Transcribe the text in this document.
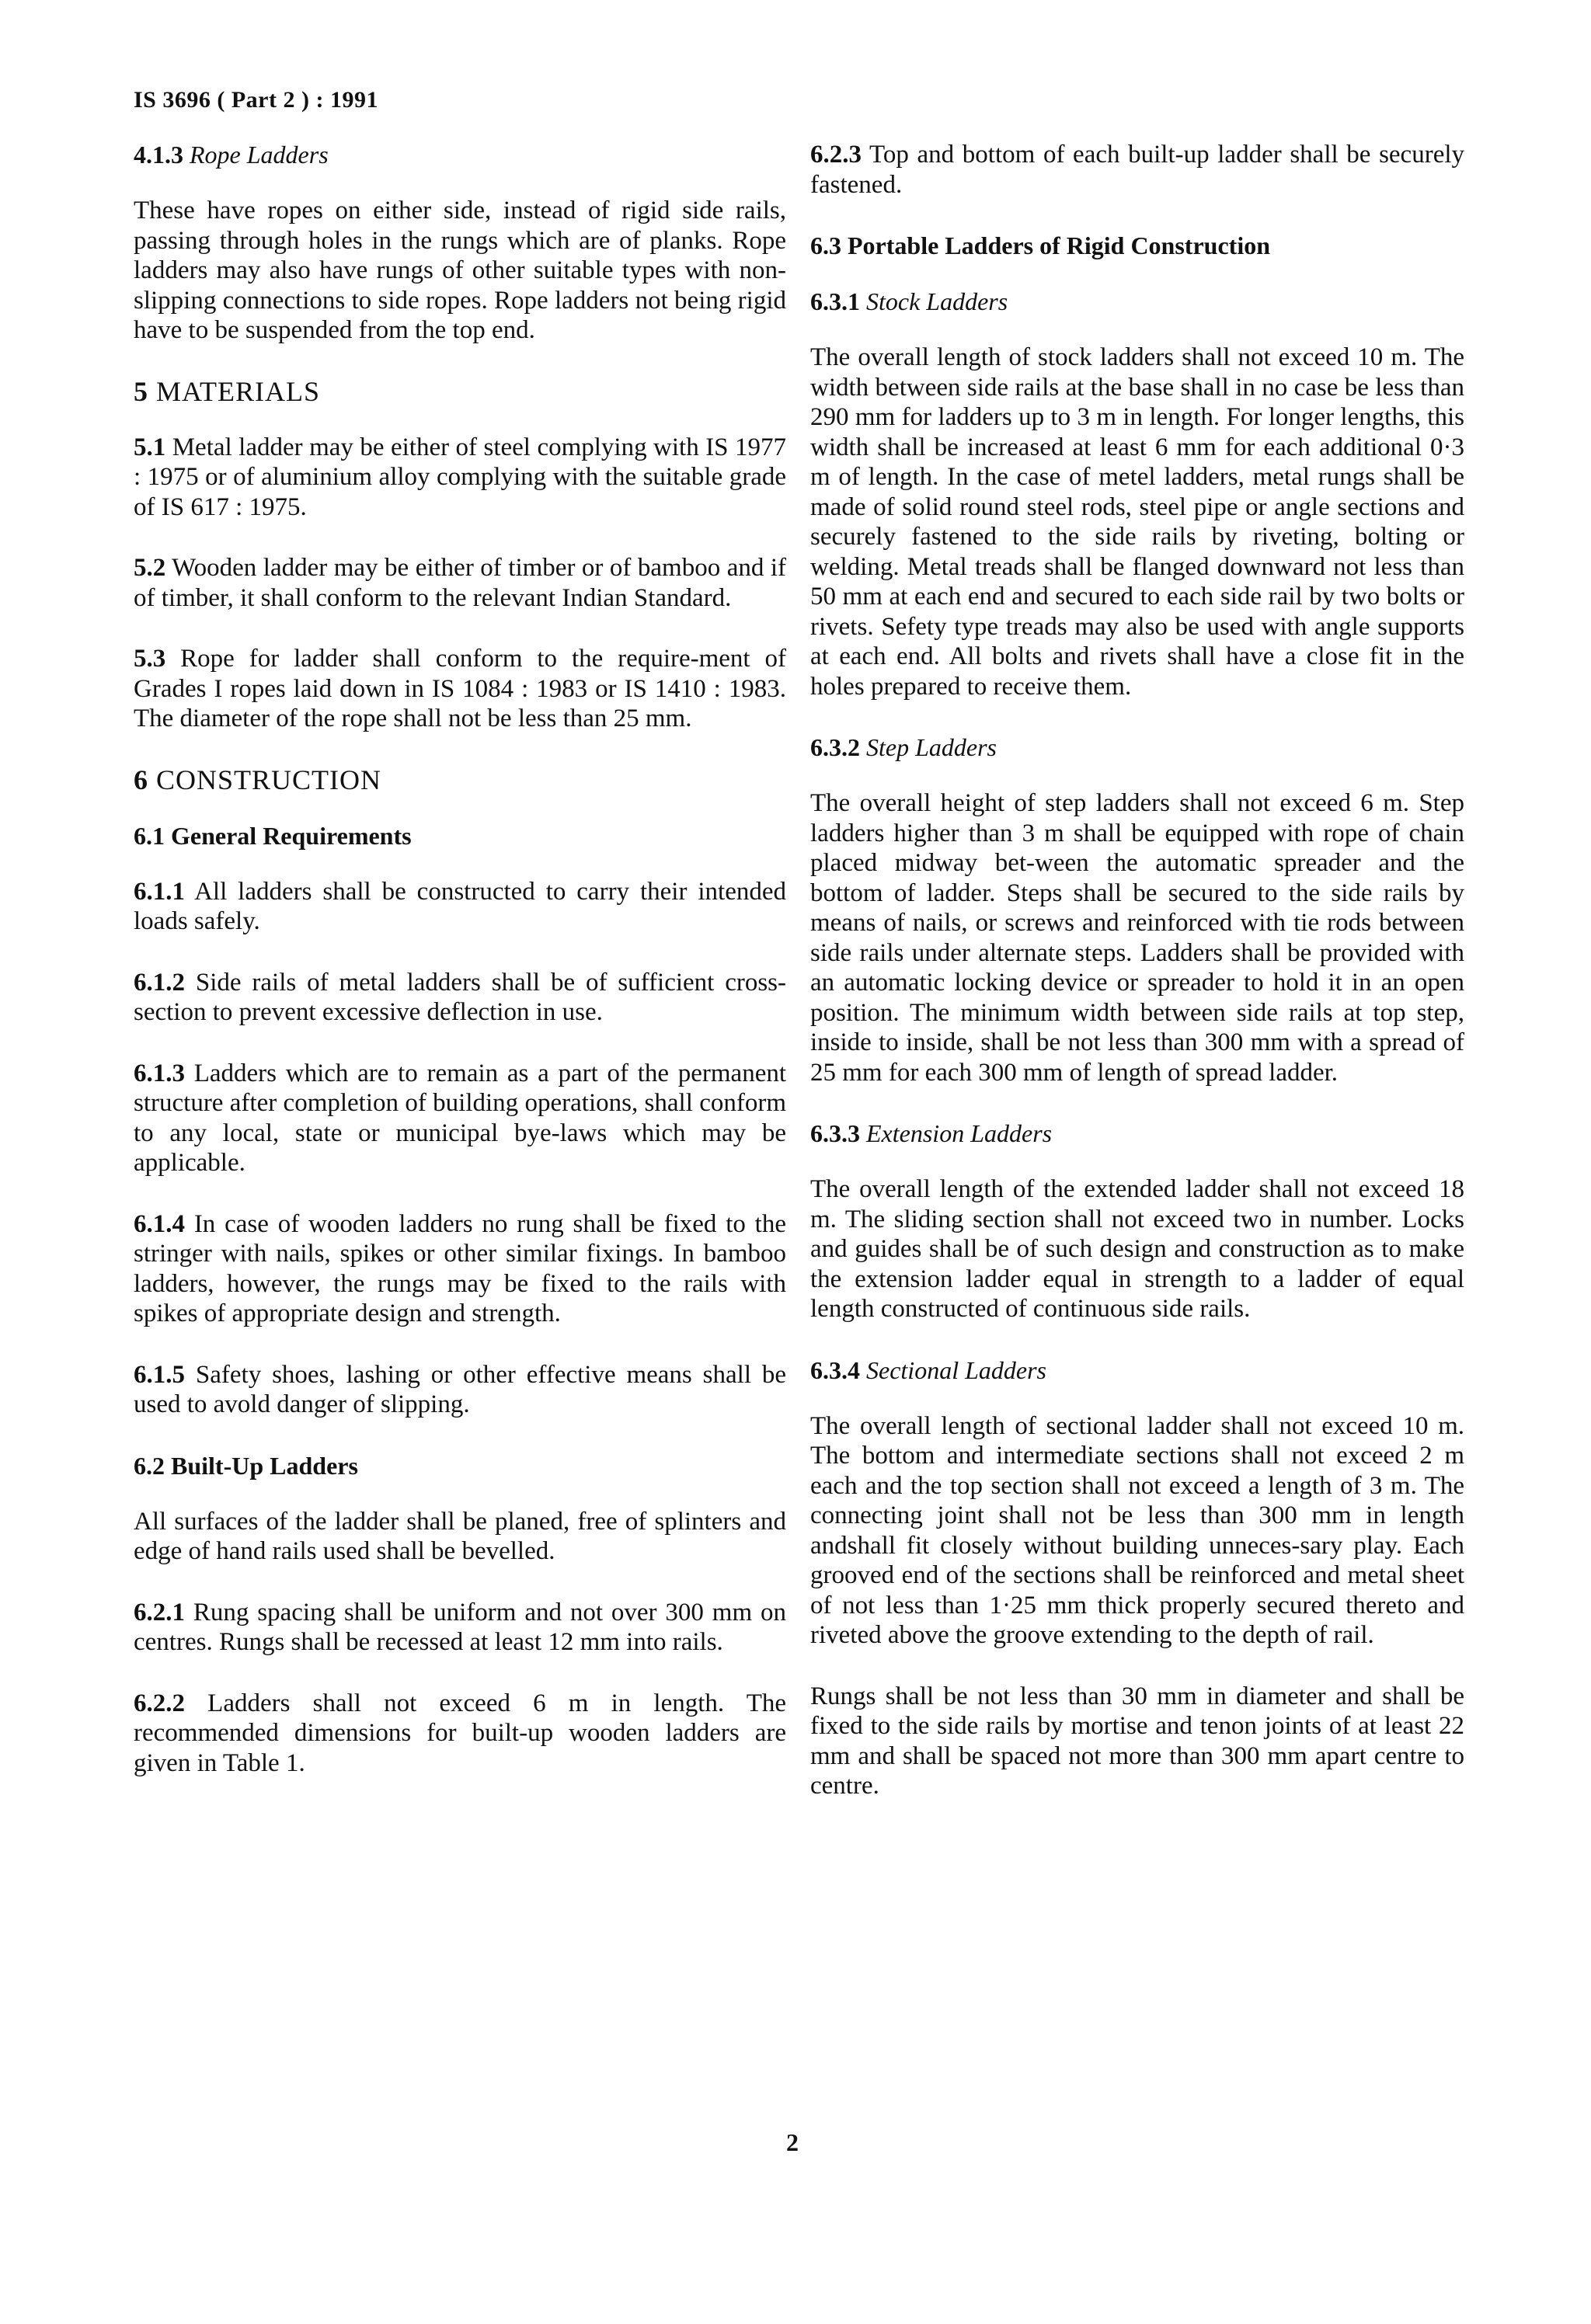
IS 3696 ( Part 2 ) : 1991
4.1.3 Rope Ladders

These have ropes on either side, instead of rigid side rails, passing through holes in the rungs which are of planks. Rope ladders may also have rungs of other suitable types with non-slipping connections to side ropes. Rope ladders not being rigid have to be suspended from the top end.

5 MATERIALS

5.1 Metal ladder may be either of steel complying with IS 1977 : 1975 or of aluminium alloy complying with the suitable grade of IS 617 : 1975.

5.2 Wooden ladder may be either of timber or of bamboo and if of timber, it shall conform to the relevant Indian Standard.

5.3 Rope for ladder shall conform to the require-ment of Grades I ropes laid down in IS 1084 : 1983 or IS 1410 : 1983. The diameter of the rope shall not be less than 25 mm.

6 CONSTRUCTION
6.1 General Requirements

6.1.1 All ladders shall be constructed to carry their intended loads safely.

6.1.2 Side rails of metal ladders shall be of sufficient cross-section to prevent excessive deflection in use.

6.1.3 Ladders which are to remain as a part of the permanent structure after completion of building operations, shall conform to any local, state or municipal bye-laws which may be applicable.

6.1.4 In case of wooden ladders no rung shall be fixed to the stringer with nails, spikes or other similar fixings. In bamboo ladders, however, the rungs may be fixed to the rails with spikes of appropriate design and strength.

6.1.5 Safety shoes, lashing or other effective means shall be used to avold danger of slipping.

6.2 Built-Up Ladders

All surfaces of the ladder shall be planed, free of splinters and edge of hand rails used shall be bevelled.

6.2.1 Rung spacing shall be uniform and not over 300 mm on centres. Rungs shall be recessed at least 12 mm into rails.

6.2.2 Ladders shall not exceed 6 m in length. The recommended dimensions for built-up wooden ladders are given in Table 1.

6.2.3 Top and bottom of each built-up ladder shall be securely fastened.

6.3 Portable Ladders of Rigid Construction
6.3.1 Stock Ladders

The overall length of stock ladders shall not exceed 10 m. The width between side rails at the base shall in no case be less than 290 mm for ladders up to 3 m in length. For longer lengths, this width shall be increased at least 6 mm for each additional 0·3 m of length. In the case of metel ladders, metal rungs shall be made of solid round steel rods, steel pipe or angle sections and securely fastened to the side rails by riveting, bolting or welding. Metal treads shall be flanged downward not less than 50 mm at each end and secured to each side rail by two bolts or rivets. Sefety type treads may also be used with angle supports at each end. All bolts and rivets shall have a close fit in the holes prepared to receive them.

6.3.2 Step Ladders

The overall height of step ladders shall not exceed 6 m. Step ladders higher than 3 m shall be equipped with rope of chain placed midway bet-ween the automatic spreader and the bottom of ladder. Steps shall be secured to the side rails by means of nails, or screws and reinforced with tie rods between side rails under alternate steps. Ladders shall be provided with an automatic locking device or spreader to hold it in an open position. The minimum width between side rails at top step, inside to inside, shall be not less than 300 mm with a spread of 25 mm for each 300 mm of length of spread ladder.

6.3.3 Extension Ladders

The overall length of the extended ladder shall not exceed 18 m. The sliding section shall not exceed two in number. Locks and guides shall be of such design and construction as to make the extension ladder equal in strength to a ladder of equal length constructed of continuous side rails.

6.3.4 Sectional Ladders

The overall length of sectional ladder shall not exceed 10 m. The bottom and intermediate sections shall not exceed 2 m each and the top section shall not exceed a length of 3 m. The connecting joint shall not be less than 300 mm in length andshall fit closely without building unneces-sary play. Each grooved end of the sections shall be reinforced and metal sheet of not less than 1·25 mm thick properly secured thereto and riveted above the groove extending to the depth of rail.

Rungs shall be not less than 30 mm in diameter and shall be fixed to the side rails by mortise and tenon joints of at least 22 mm and shall be spaced not more than 300 mm apart centre to centre.

2
